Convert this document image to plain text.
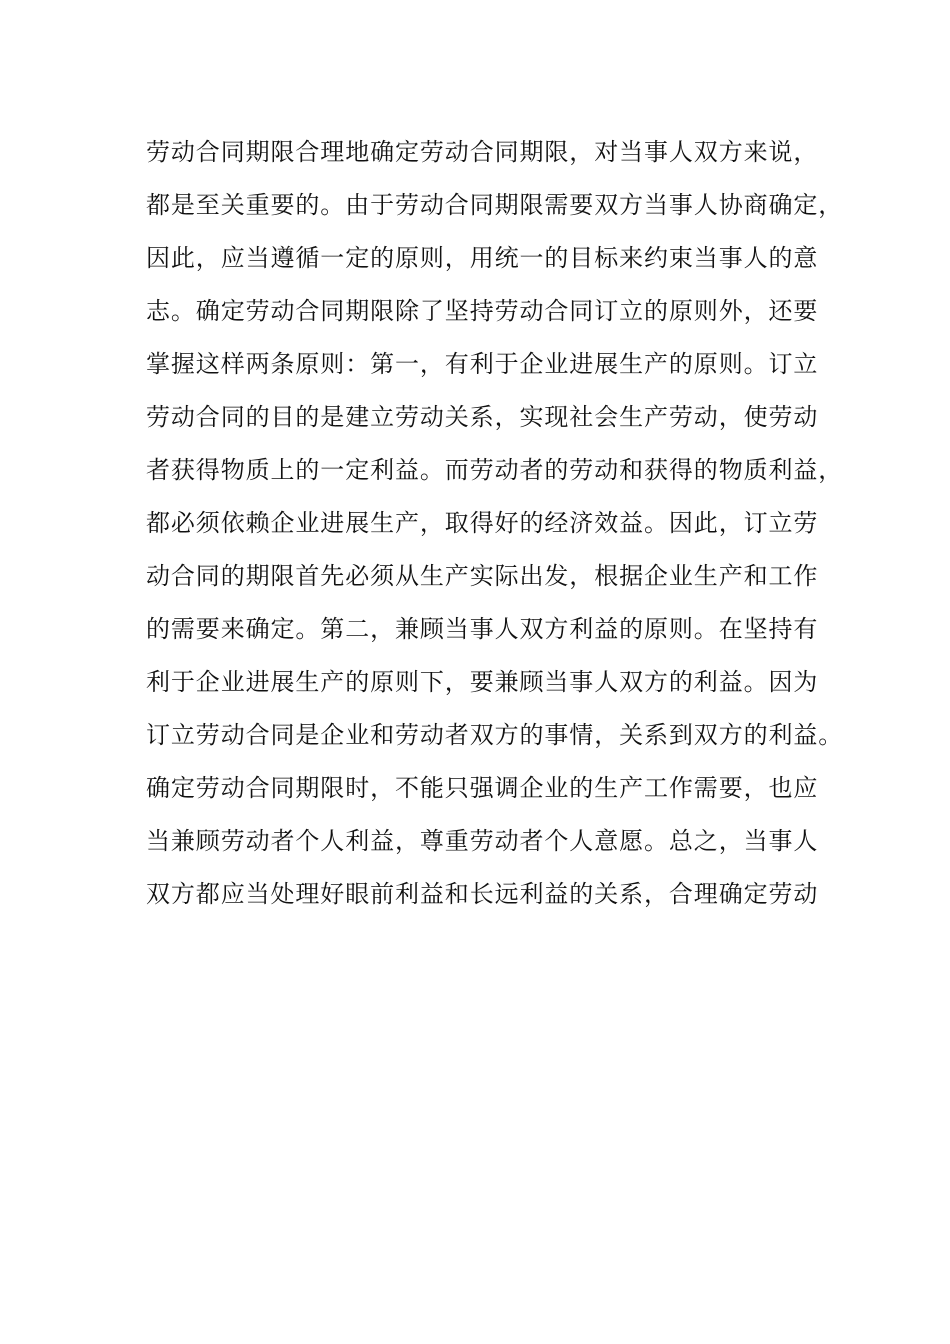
劳动合同期限合理地确定劳动合同期限，对当事人双方来说，
都是至关重要的。由于劳动合同期限需要双方当事人协商确定，
因此，应当遵循一定的原则，用统一的目标来约束当事人的意
志。确定劳动合同期限除了坚持劳动合同订立的原则外，还要
掌握这样两条原则：第一，有利于企业进展生产的原则。订立
劳动合同的目的是建立劳动关系，实现社会生产劳动，使劳动
者获得物质上的一定利益。而劳动者的劳动和获得的物质利益，
都必须依赖企业进展生产，取得好的经济效益。因此，订立劳
动合同的期限首先必须从生产实际出发，根据企业生产和工作
的需要来确定。第二，兼顾当事人双方利益的原则。在坚持有
利于企业进展生产的原则下，要兼顾当事人双方的利益。因为
订立劳动合同是企业和劳动者双方的事情，关系到双方的利益。
确定劳动合同期限时，不能只强调企业的生产工作需要，也应
当兼顾劳动者个人利益，尊重劳动者个人意愿。总之，当事人
双方都应当处理好眼前利益和长远利益的关系，合理确定劳动
